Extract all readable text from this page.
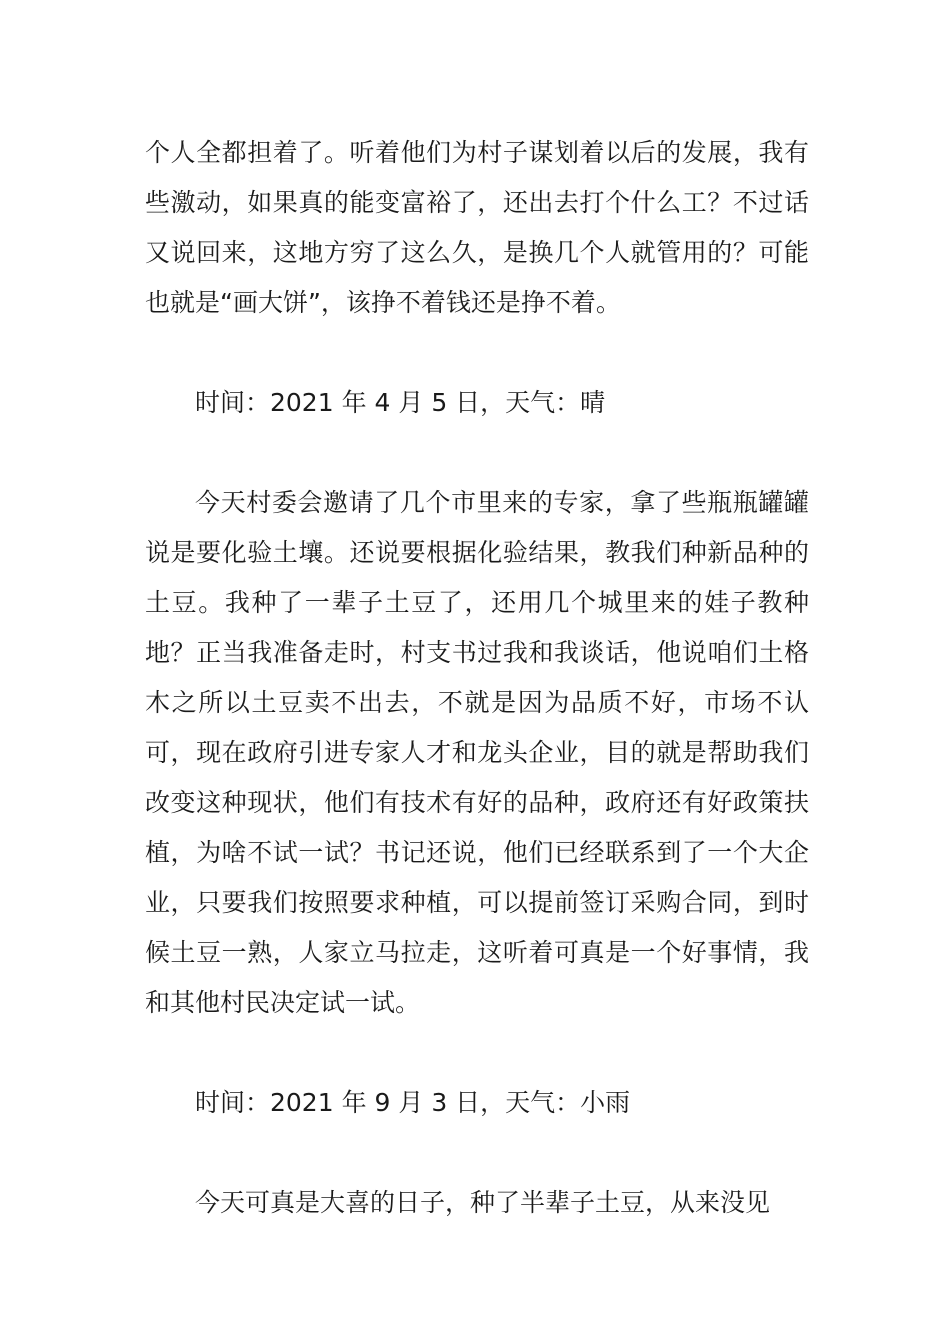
个人全都担着了。听着他们为村子谋划着以后的发展，我有些激动，如果真的能变富裕了，还出去打个什么工？不过话又说回来，这地方穷了这么久，是换几个人就管用的？可能也就是“画大饼”，该挣不着钱还是挣不着。

时间：2021 年 4 月 5 日，天气：晴

今天村委会邀请了几个市里来的专家，拿了些瓶瓶罐罐说是要化验土壤。还说要根据化验结果，教我们种新品种的土豆。我种了一辈子土豆了，还用几个城里来的娃子教种地？正当我准备走时，村支书过我和我谈话，他说咱们土格木之所以土豆卖不出去，不就是因为品质不好，市场不认可，现在政府引进专家人才和龙头企业，目的就是帮助我们改变这种现状，他们有技术有好的品种，政府还有好政策扶植，为啥不试一试？书记还说，他们已经联系到了一个大企业，只要我们按照要求种植，可以提前签订采购合同，到时候土豆一熟，人家立马拉走，这听着可真是一个好事情，我和其他村民决定试一试。

时间：2021 年 9 月 3 日，天气：小雨

今天可真是大喜的日子，种了半辈子土豆，从来没见
